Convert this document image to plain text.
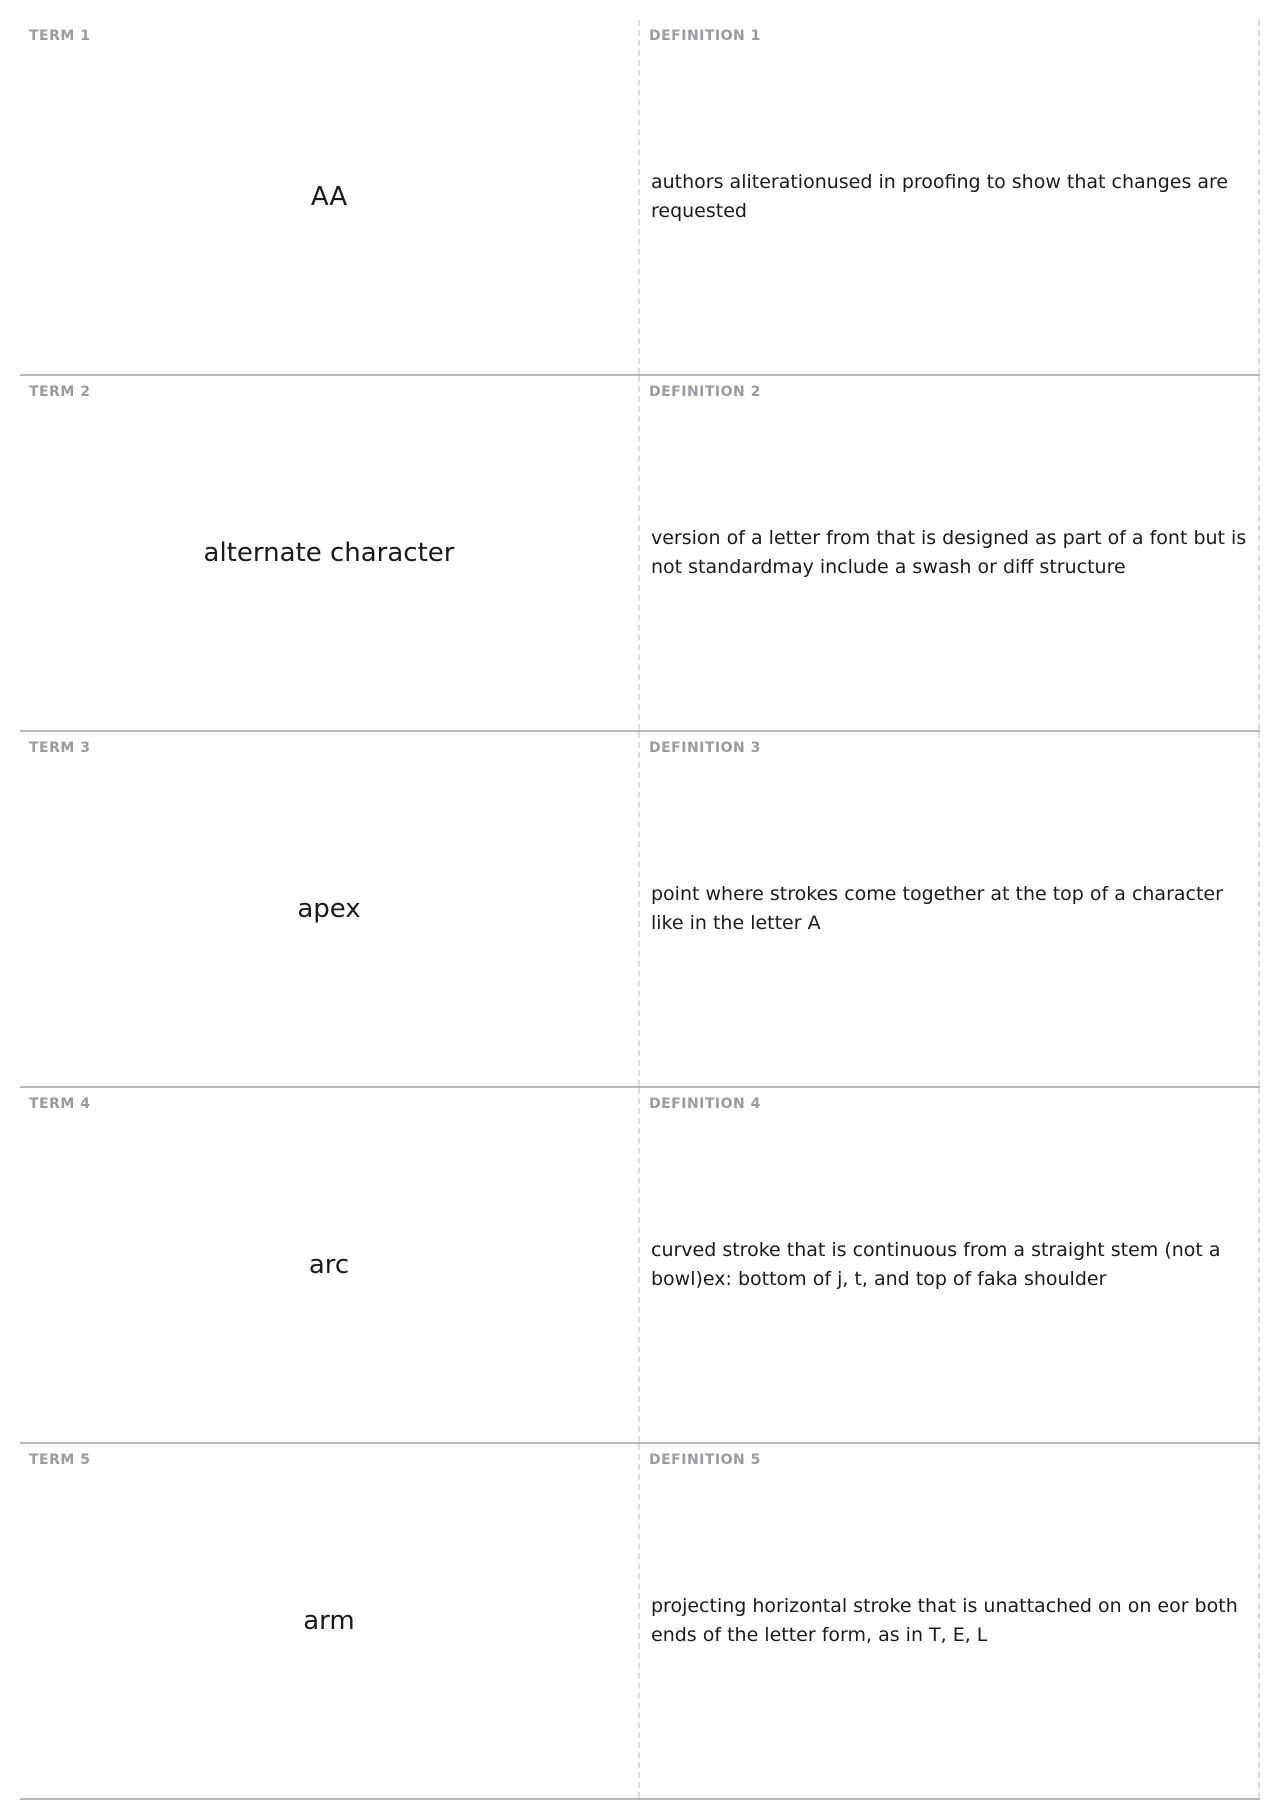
TERM 1
AA
DEFINITION 1
authors aliterationused in proofing to show that changes are requested
TERM 2
alternate character
DEFINITION 2
version of a letter from that is designed as part of a font but is not standardmay include a swash or diff structure
TERM 3
apex
DEFINITION 3
point where strokes come together at the top of a character like in the letter A
TERM 4
arc
DEFINITION 4
curved stroke that is continuous from a straight stem (not a bowl)ex: bottom of j, t, and top of faka shoulder
TERM 5
arm
DEFINITION 5
projecting horizontal stroke that is unattached on on eor both ends of the letter form, as in T, E, L
